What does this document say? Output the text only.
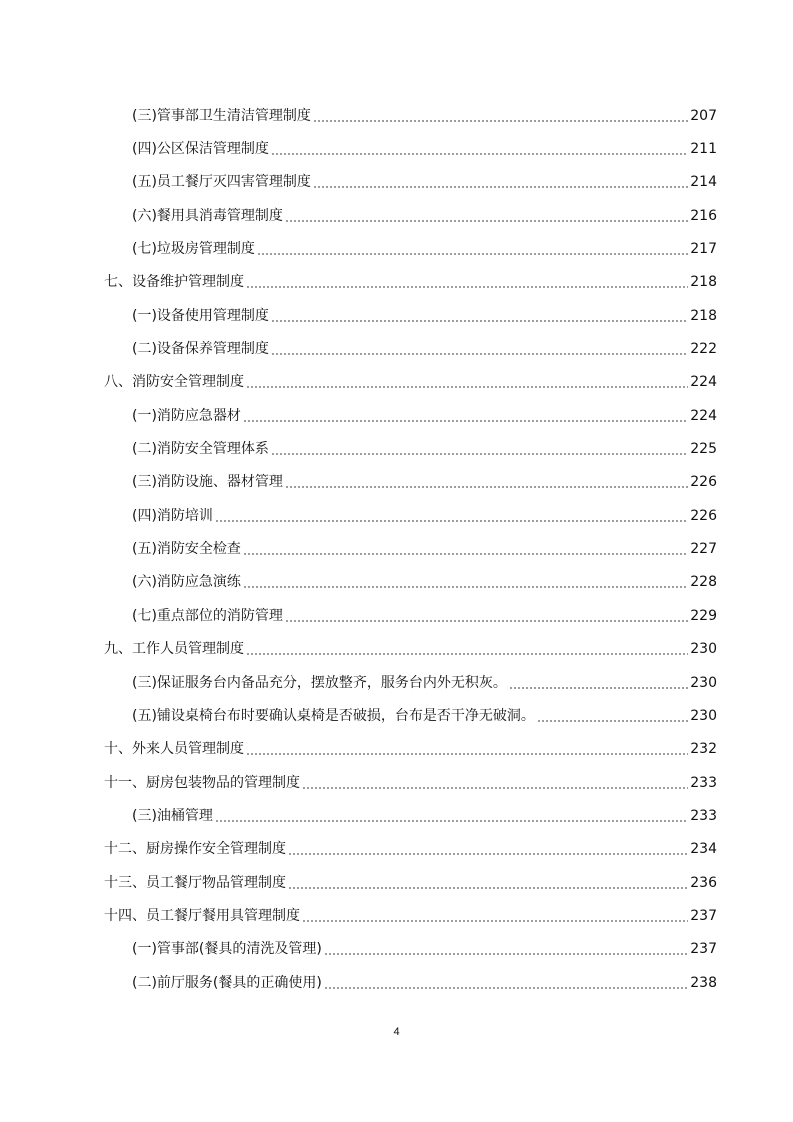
(三)管事部卫生清洁管理制度	207
(四)公区保洁管理制度	211
(五)员工餐厅灭四害管理制度	214
(六)餐用具消毒管理制度	216
(七)垃圾房管理制度	217
七、设备维护管理制度	218
(一)设备使用管理制度	218
(二)设备保养管理制度	222
八、消防安全管理制度	224
(一)消防应急器材	224
(二)消防安全管理体系	225
(三)消防设施、器材管理	226
(四)消防培训	226
(五)消防安全检查	227
(六)消防应急演练	228
(七)重点部位的消防管理	229
九、工作人员管理制度	230
(三)保证服务台内备品充分，摆放整齐，服务台内外无积灰。	230
(五)铺设桌椅台布时要确认桌椅是否破损，台布是否干净无破洞。	230
十、外来人员管理制度	232
十一、厨房包装物品的管理制度	233
(三)油桶管理	233
十二、厨房操作安全管理制度	234
十三、员工餐厅物品管理制度	236
十四、员工餐厅餐用具管理制度	237
(一)管事部(餐具的清洗及管理)	237
(二)前厅服务(餐具的正确使用)	238
4
